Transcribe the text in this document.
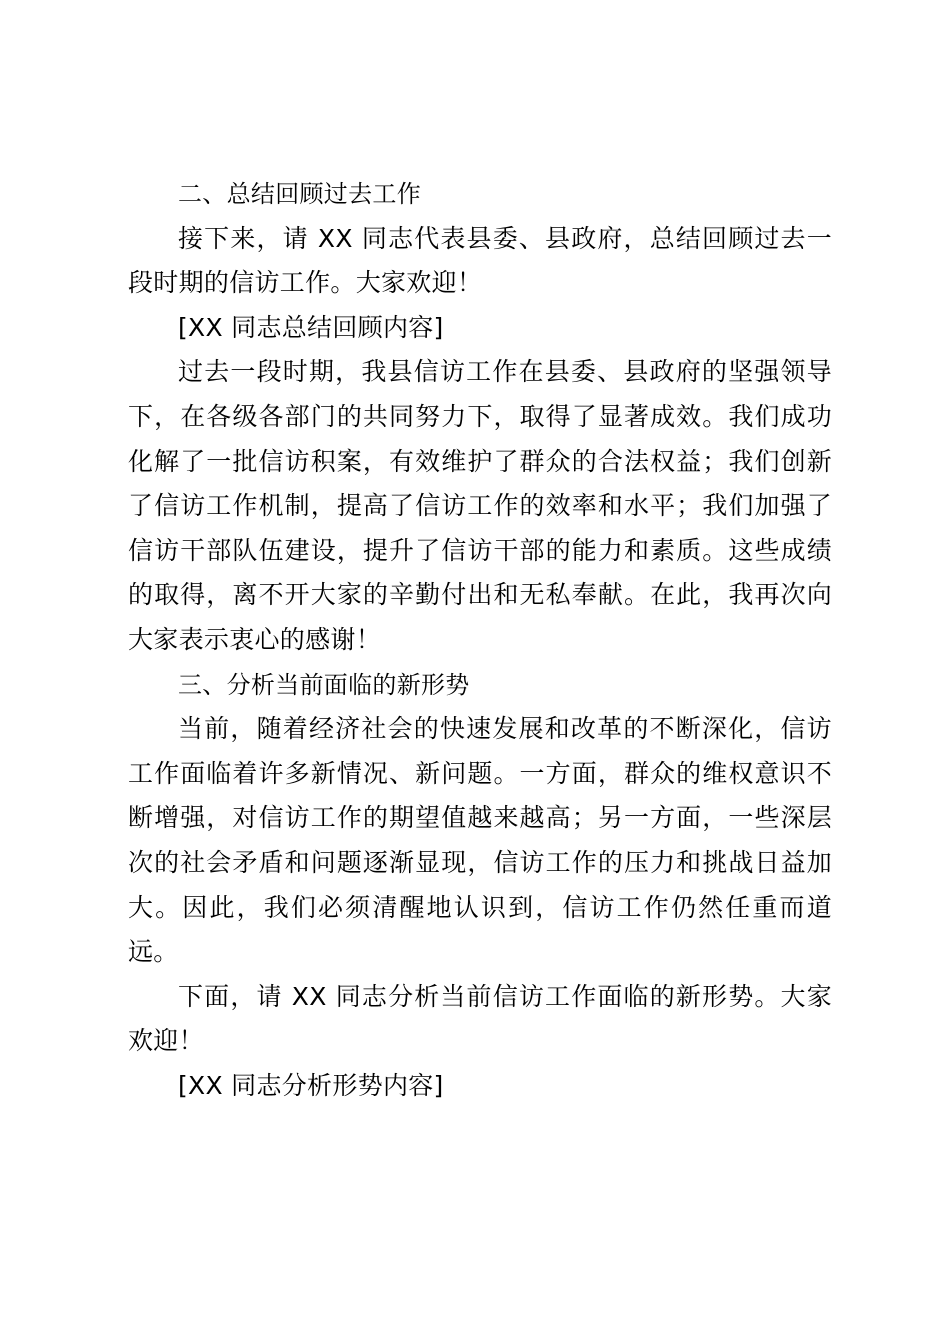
二、总结回顾过去工作

接下来，请 XX 同志代表县委、县政府，总结回顾过去一段时期的信访工作。大家欢迎！

[XX 同志总结回顾内容]

过去一段时期，我县信访工作在县委、县政府的坚强领导下，在各级各部门的共同努力下，取得了显著成效。我们成功化解了一批信访积案，有效维护了群众的合法权益；我们创新了信访工作机制，提高了信访工作的效率和水平；我们加强了信访干部队伍建设，提升了信访干部的能力和素质。这些成绩的取得，离不开大家的辛勤付出和无私奉献。在此，我再次向大家表示衷心的感谢！

三、分析当前面临的新形势

当前，随着经济社会的快速发展和改革的不断深化，信访工作面临着许多新情况、新问题。一方面，群众的维权意识不断增强，对信访工作的期望值越来越高；另一方面，一些深层次的社会矛盾和问题逐渐显现，信访工作的压力和挑战日益加大。因此，我们必须清醒地认识到，信访工作仍然任重而道远。

下面，请 XX 同志分析当前信访工作面临的新形势。大家欢迎！

[XX 同志分析形势内容]
